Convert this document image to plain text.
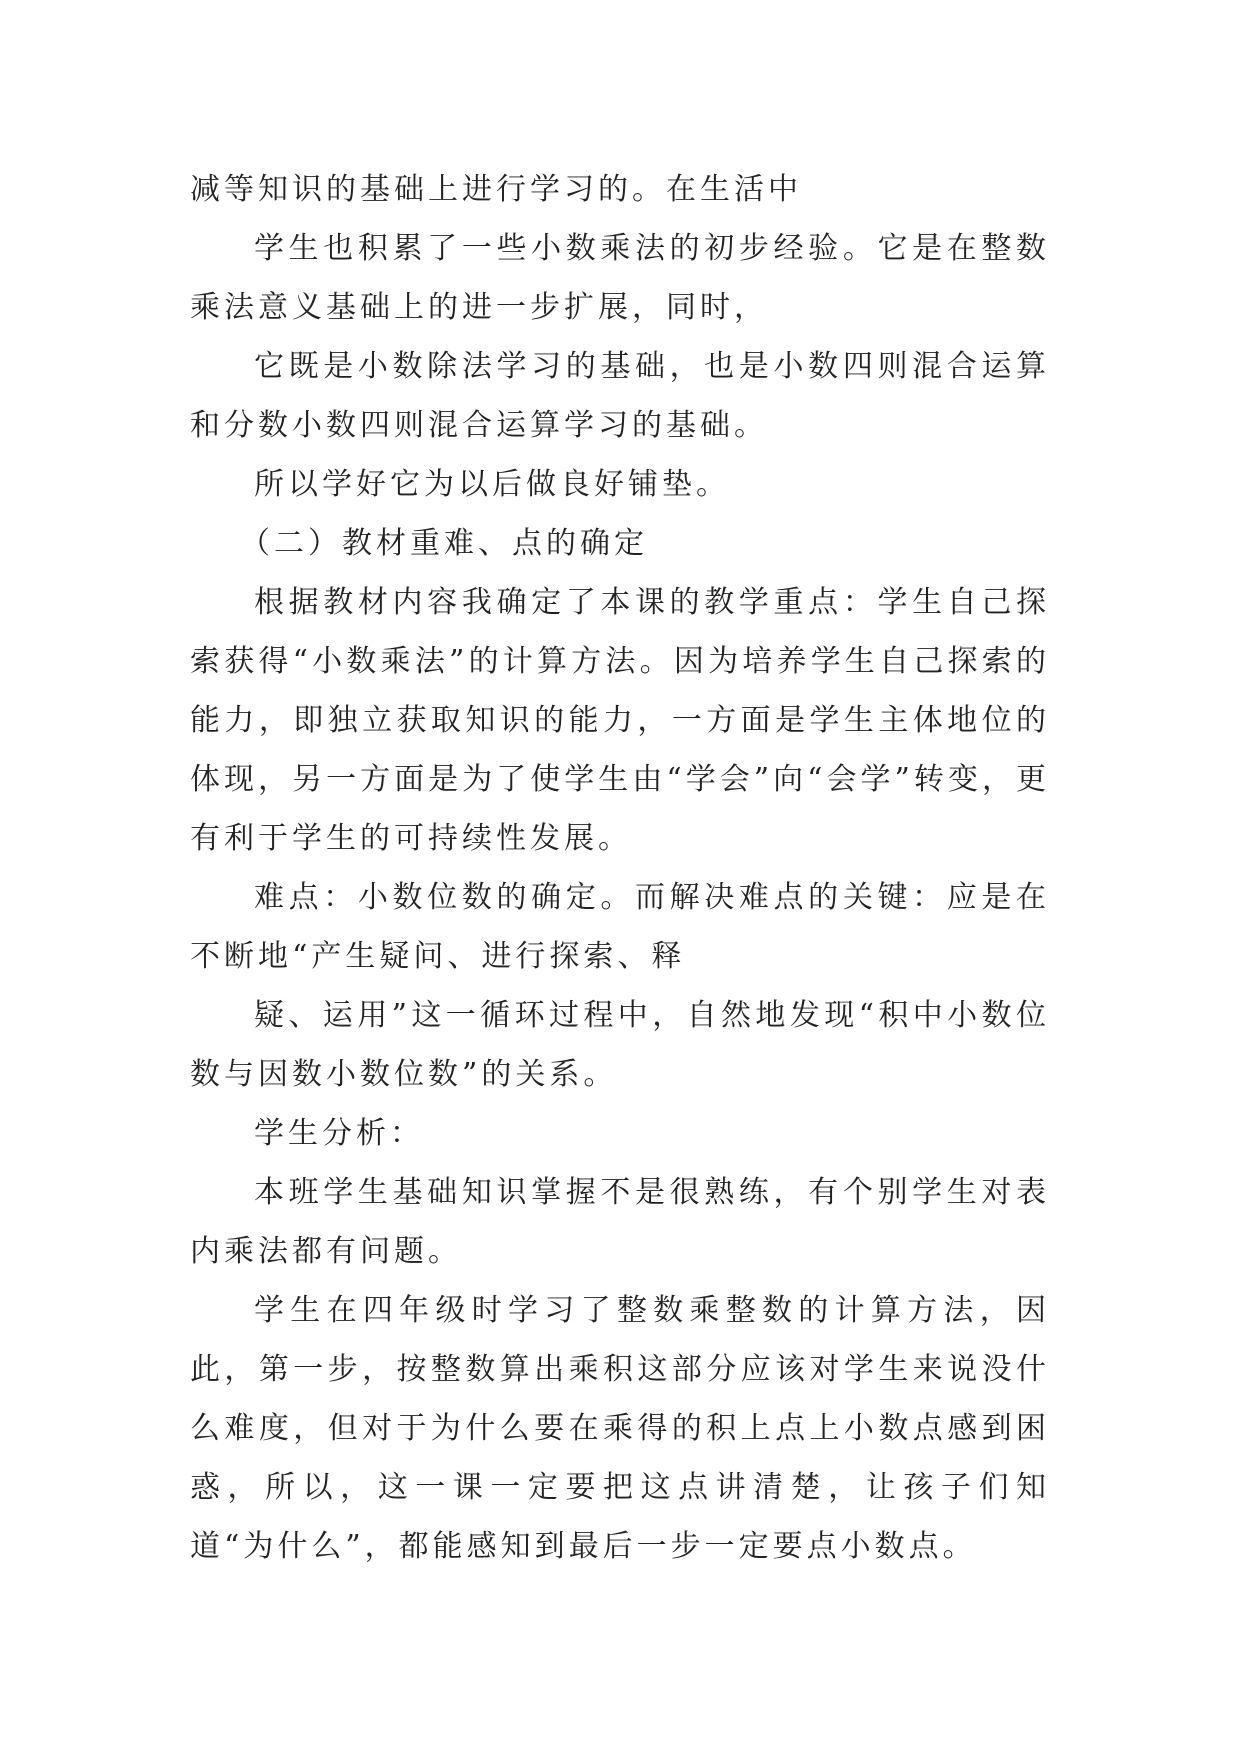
减等知识的基础上进行学习的。在生活中

学生也积累了一些小数乘法的初步经验。它是在整数乘法意义基础上的进一步扩展，同时，

它既是小数除法学习的基础，也是小数四则混合运算和分数小数四则混合运算学习的基础。

所以学好它为以后做良好铺垫。

（二）教材重难、点的确定

根据教材内容我确定了本课的教学重点：学生自己探索获得“小数乘法”的计算方法。因为培养学生自己探索的能力，即独立获取知识的能力，一方面是学生主体地位的体现，另一方面是为了使学生由“学会”向“会学”转变，更有利于学生的可持续性发展。

难点：小数位数的确定。而解决难点的关键：应是在不断地“产生疑问、进行探索、释

疑、运用”这一循环过程中，自然地发现“积中小数位数与因数小数位数”的关系。

学生分析：

本班学生基础知识掌握不是很熟练，有个别学生对表内乘法都有问题。

学生在四年级时学习了整数乘整数的计算方法，因此，第一步，按整数算出乘积这部分应该对学生来说没什么难度，但对于为什么要在乘得的积上点上小数点感到困惑，所以，这一课一定要把这点讲清楚，让孩子们知道“为什么”，都能感知到最后一步一定要点小数点。
